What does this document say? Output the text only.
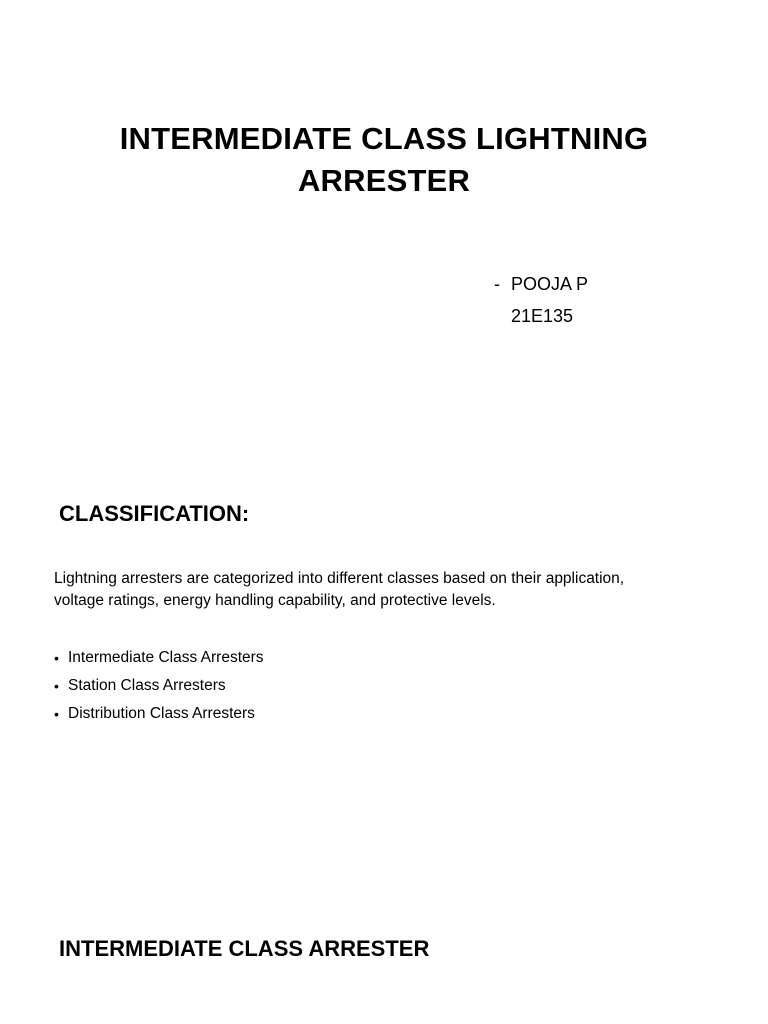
INTERMEDIATE CLASS LIGHTNING
ARRESTER
- POOJA P
21E135
CLASSIFICATION:
Lightning arresters are categorized into different classes based on their application,
voltage ratings, energy handling capability, and protective levels.
• Intermediate Class Arresters
• Station Class Arresters
• Distribution Class Arresters
INTERMEDIATE CLASS ARRESTER
